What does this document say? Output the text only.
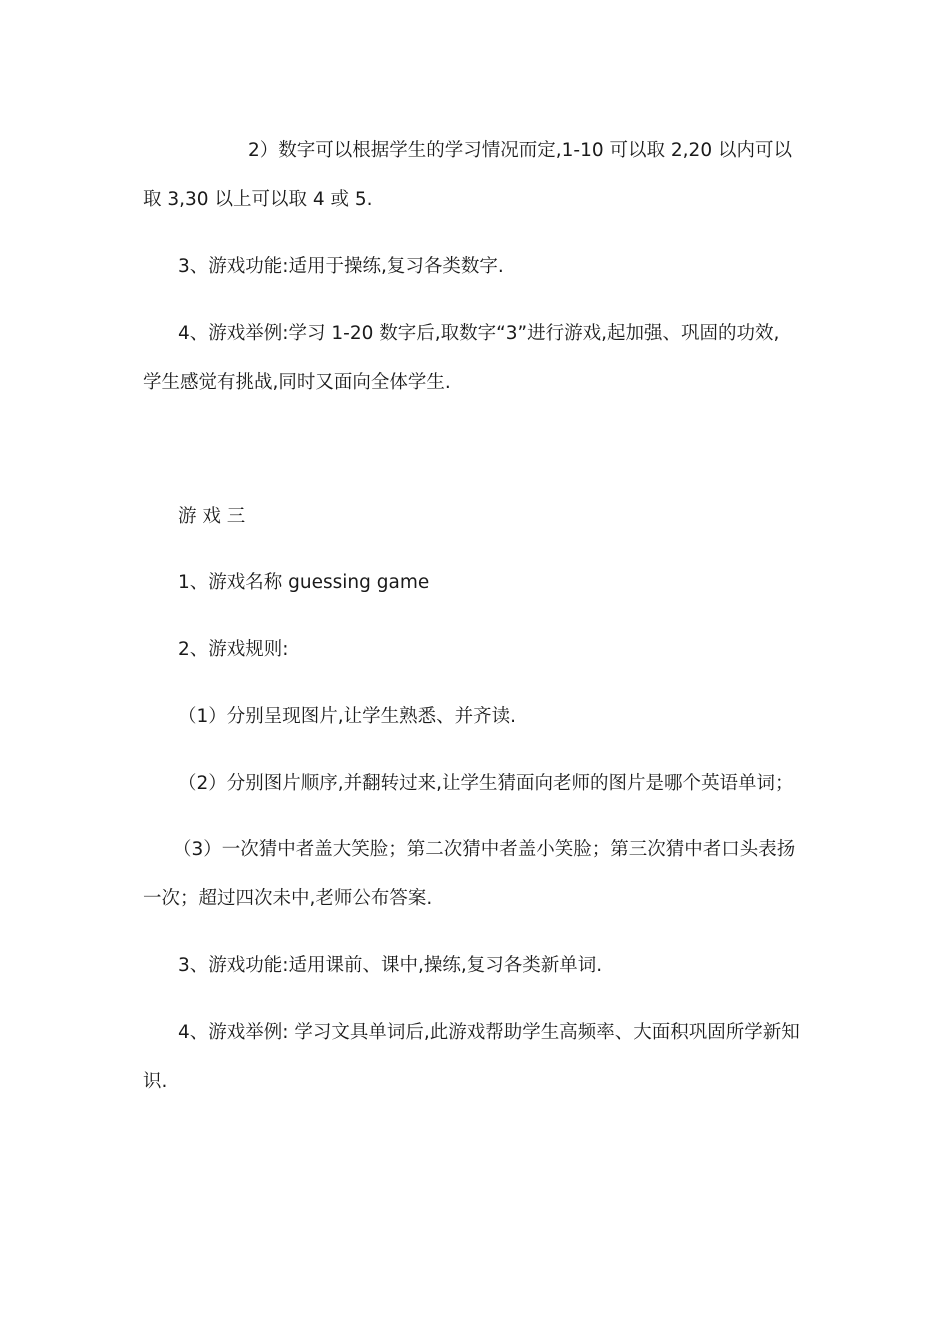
2）数字可以根据学生的学习情况而定,1-10 可以取 2,20 以内可以
取 3,30 以上可以取 4 或 5.
3、游戏功能:适用于操练,复习各类数字.
4、游戏举例:学习 1-20 数字后,取数字“3”进行游戏,起加强、巩固的功效,
学生感觉有挑战,同时又面向全体学生.
游 戏 三
1、游戏名称 guessing game
2、游戏规则:
（1）分别呈现图片,让学生熟悉、并齐读.
（2）分别图片顺序,并翻转过来,让学生猜面向老师的图片是哪个英语单词；
（3）一次猜中者盖大笑脸；第二次猜中者盖小笑脸；第三次猜中者口头表扬
一次；超过四次未中,老师公布答案.
3、游戏功能:适用课前、课中,操练,复习各类新单词.
4、游戏举例: 学习文具单词后,此游戏帮助学生高频率、大面积巩固所学新知
识.
